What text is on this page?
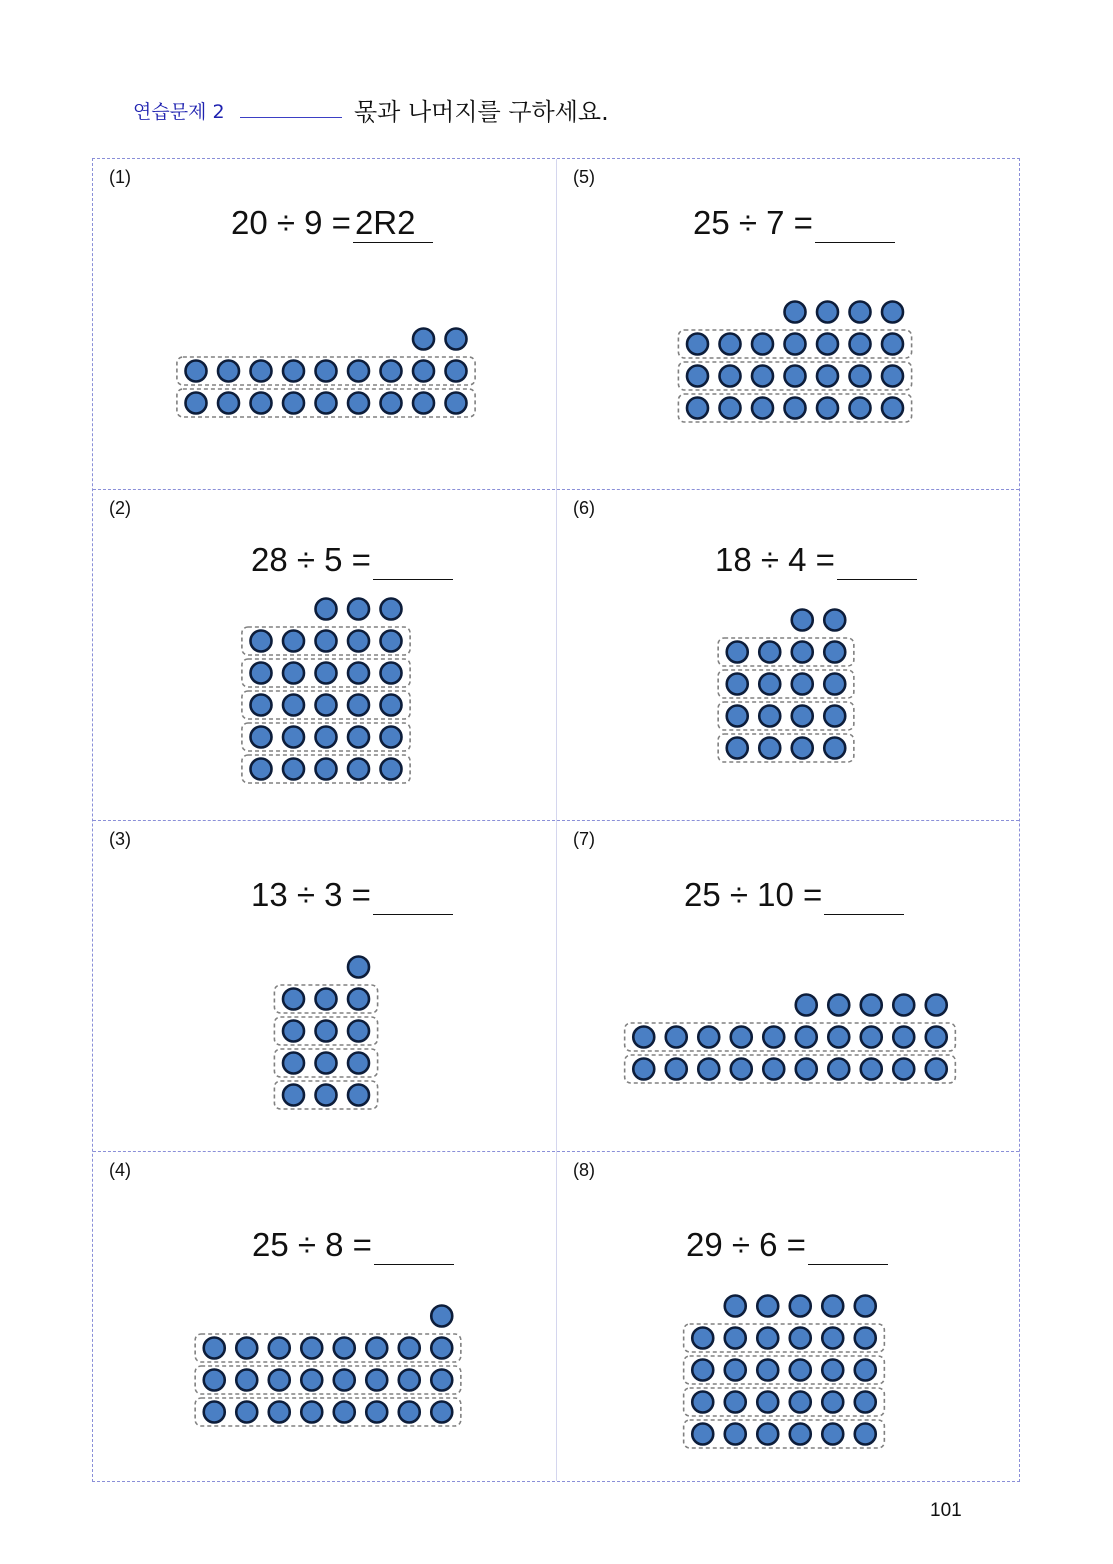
연습문제 2	몫과 나머지를 구하세요.
(1)
20 ÷ 9 = 2R2
(2)
28 ÷ 5 =
(3)
13 ÷ 3 =
(4)
25 ÷ 8 =
(5)
25 ÷ 7 =
(6)
18 ÷ 4 =
(7)
25 ÷ 10 =
(8)
29 ÷ 6 =
101
